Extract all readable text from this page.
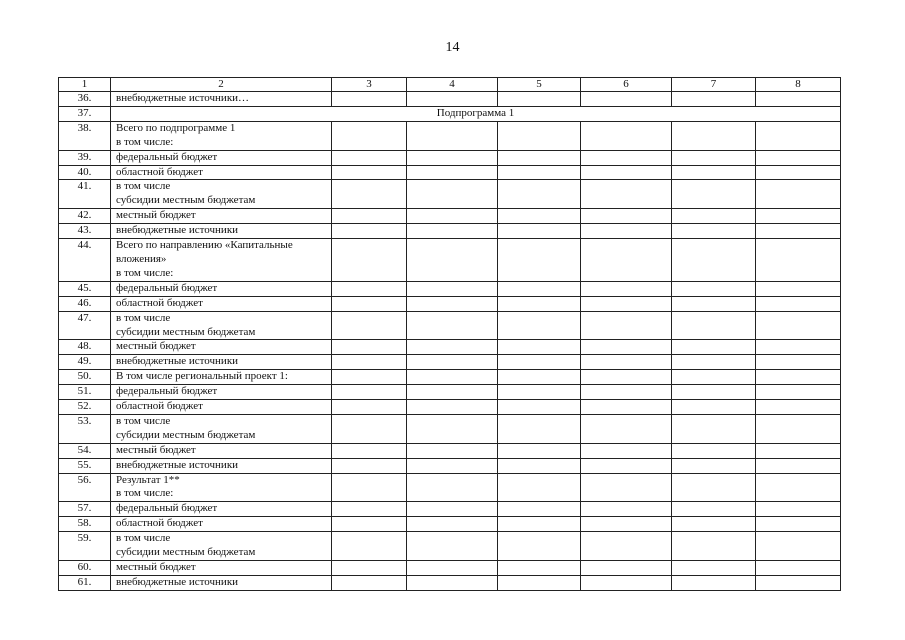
14
1	2	3	4	5	6	7	8
36.	внебюджетные источники…						
37.	Подпрограмма 1						
38.	Всего по подпрограмме 1
в том числе:						
39.	федеральный бюджет						
40.	областной бюджет						
41.	в том числе
субсидии местным бюджетам						
42.	местный бюджет						
43.	внебюджетные источники						
44.	Всего по направлению «Капитальные
вложения»
в том числе:						
45.	федеральный бюджет						
46.	областной бюджет						
47.	в том числе
субсидии местным бюджетам						
48.	местный бюджет						
49.	внебюджетные источники						
50.	В том числе региональный проект 1:						
51.	федеральный бюджет						
52.	областной бюджет						
53.	в том числе
субсидии местным бюджетам						
54.	местный бюджет						
55.	внебюджетные источники						
56.	Результат 1**
в том числе:						
57.	федеральный бюджет						
58.	областной бюджет						
59.	в том числе
субсидии местным бюджетам						
60.	местный бюджет						
61.	внебюджетные источники						
